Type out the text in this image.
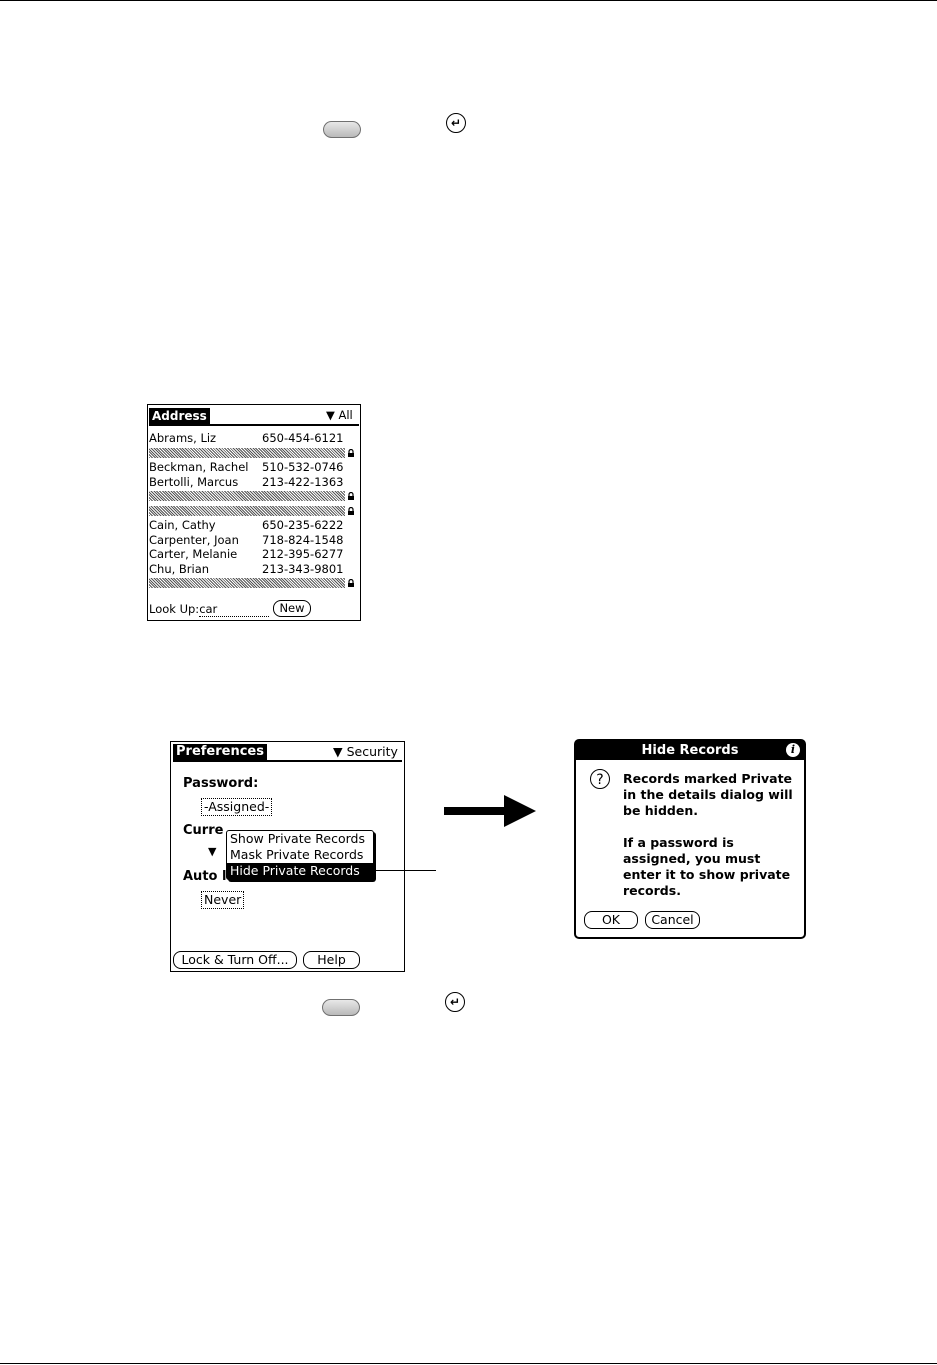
↵
Address	▼ All
Abrams, Liz	650-454-6121
Beckman, Rachel 510-532-0746
Bertolli, Marcus 213-422-1363
Cain, Cathy	650-235-6222
Carpenter, Joan 718-824-1548
Carter, Melanie 212-395-6277
Chu, Brian	213-343-9801
Look Up:car	New
Preferences	▼ Security
Password:
-Assigned-
Curre
▼
Auto l
Never
Show Private Records
Mask Private Records
Hide Private Records
Lock & Turn Off...	Help
Hide Records	i
?	Records marked Private
in the details dialog will
be hidden.
If a password is
assigned, you must
enter it to show private
records.
OK	Cancel
↵
